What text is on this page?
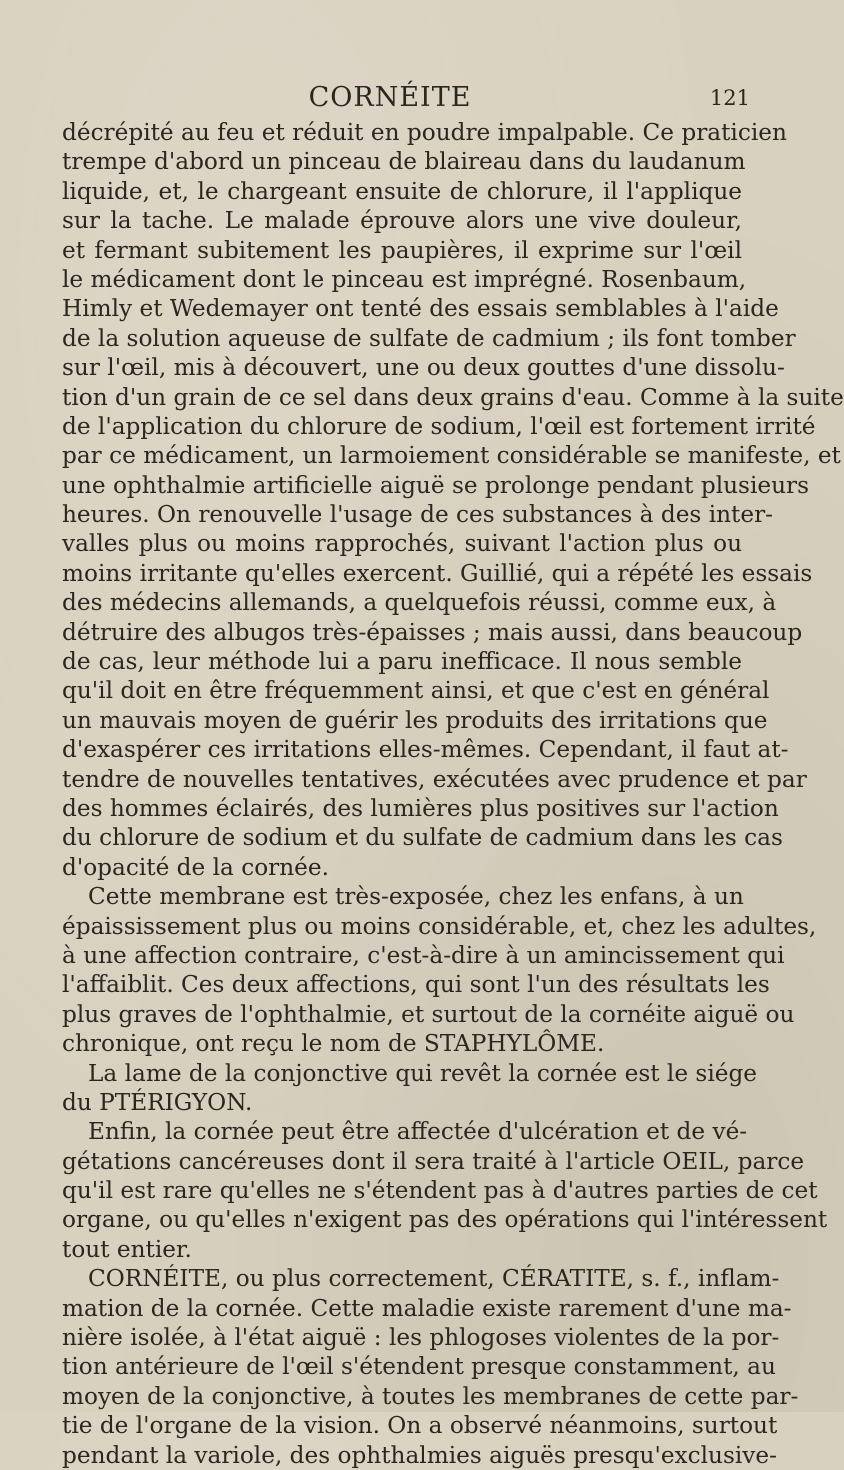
CORNÉITE	121
décrépité au feu et réduit en poudre impalpable. Ce praticien
trempe d'abord un pinceau de blaireau dans du laudanum
liquide, et, le chargeant ensuite de chlorure, il l'applique
sur la tache. Le malade éprouve alors une vive douleur,
et fermant subitement les paupières, il exprime sur l'œil
le médicament dont le pinceau est imprégné. Rosenbaum,
Himly et Wedemayer ont tenté des essais semblables à l'aide
de la solution aqueuse de sulfate de cadmium ; ils font tomber
sur l'œil, mis à découvert, une ou deux gouttes d'une dissolu-
tion d'un grain de ce sel dans deux grains d'eau. Comme à la suite
de l'application du chlorure de sodium, l'œil est fortement irrité
par ce médicament, un larmoiement considérable se manifeste, et
une ophthalmie artificielle aiguë se prolonge pendant plusieurs
heures. On renouvelle l'usage de ces substances à des inter-
valles plus ou moins rapprochés, suivant l'action plus ou
moins irritante qu'elles exercent. Guillié, qui a répété les essais
des médecins allemands, a quelquefois réussi, comme eux, à
détruire des albugos très-épaisses ; mais aussi, dans beaucoup
de cas, leur méthode lui a paru inefficace. Il nous semble
qu'il doit en être fréquemment ainsi, et que c'est en général
un mauvais moyen de guérir les produits des irritations que
d'exaspérer ces irritations elles-mêmes. Cependant, il faut at-
tendre de nouvelles tentatives, exécutées avec prudence et par
des hommes éclairés, des lumières plus positives sur l'action
du chlorure de sodium et du sulfate de cadmium dans les cas
d'opacité de la cornée.
Cette membrane est très-exposée, chez les enfans, à un
épaississement plus ou moins considérable, et, chez les adultes,
à une affection contraire, c'est-à-dire à un amincissement qui
l'affaiblit. Ces deux affections, qui sont l'un des résultats les
plus graves de l'ophthalmie, et surtout de la cornéite aiguë ou
chronique, ont reçu le nom de STAPHYLÔME.
La lame de la conjonctive qui revêt la cornée est le siége
du PTÉRIGYON.
Enfin, la cornée peut être affectée d'ulcération et de vé-
gétations cancéreuses dont il sera traité à l'article OEIL, parce
qu'il est rare qu'elles ne s'étendent pas à d'autres parties de cet
organe, ou qu'elles n'exigent pas des opérations qui l'intéressent
tout entier.
CORNÉITE, ou plus correctement, CÉRATITE, s. f., inflam-
mation de la cornée. Cette maladie existe rarement d'une ma-
nière isolée, à l'état aiguë : les phlogoses violentes de la por-
tion antérieure de l'œil s'étendent presque constamment, au
moyen de la conjonctive, à toutes les membranes de cette par-
tie de l'organe de la vision. On a observé néanmoins, surtout
pendant la variole, des ophthalmies aiguës presqu'exclusive-
